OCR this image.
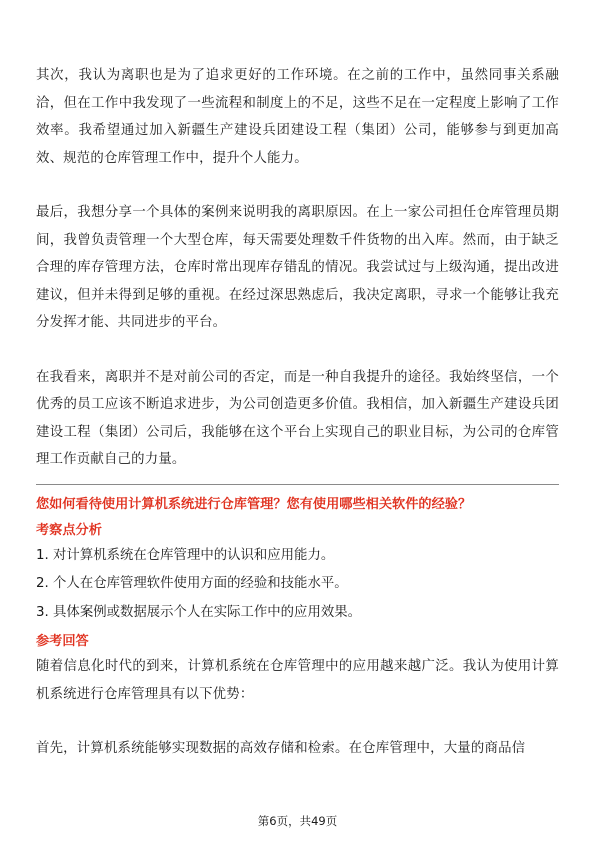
其次，我认为离职也是为了追求更好的工作环境。在之前的工作中，虽然同事关系融洽，但在工作中我发现了一些流程和制度上的不足，这些不足在一定程度上影响了工作效率。我希望通过加入新疆生产建设兵团建设工程（集团）公司，能够参与到更加高效、规范的仓库管理工作中，提升个人能力。

最后，我想分享一个具体的案例来说明我的离职原因。在上一家公司担任仓库管理员期间，我曾负责管理一个大型仓库，每天需要处理数千件货物的出入库。然而，由于缺乏合理的库存管理方法，仓库时常出现库存错乱的情况。我尝试过与上级沟通，提出改进建议，但并未得到足够的重视。在经过深思熟虑后，我决定离职，寻求一个能够让我充分发挥才能、共同进步的平台。

在我看来，离职并不是对前公司的否定，而是一种自我提升的途径。我始终坚信，一个优秀的员工应该不断追求进步，为公司创造更多价值。我相信，加入新疆生产建设兵团建设工程（集团）公司后，我能够在这个平台上实现自己的职业目标，为公司的仓库管理工作贡献自己的力量。

您如何看待使用计算机系统进行仓库管理？您有使用哪些相关软件的经验？

考察点分析

1. 对计算机系统在仓库管理中的认识和应用能力。
2. 个人在仓库管理软件使用方面的经验和技能水平。
3. 具体案例或数据展示个人在实际工作中的应用效果。

参考回答

随着信息化时代的到来，计算机系统在仓库管理中的应用越来越广泛。我认为使用计算机系统进行仓库管理具有以下优势：

首先，计算机系统能够实现数据的高效存储和检索。在仓库管理中，大量的商品信

第6页，共49页
